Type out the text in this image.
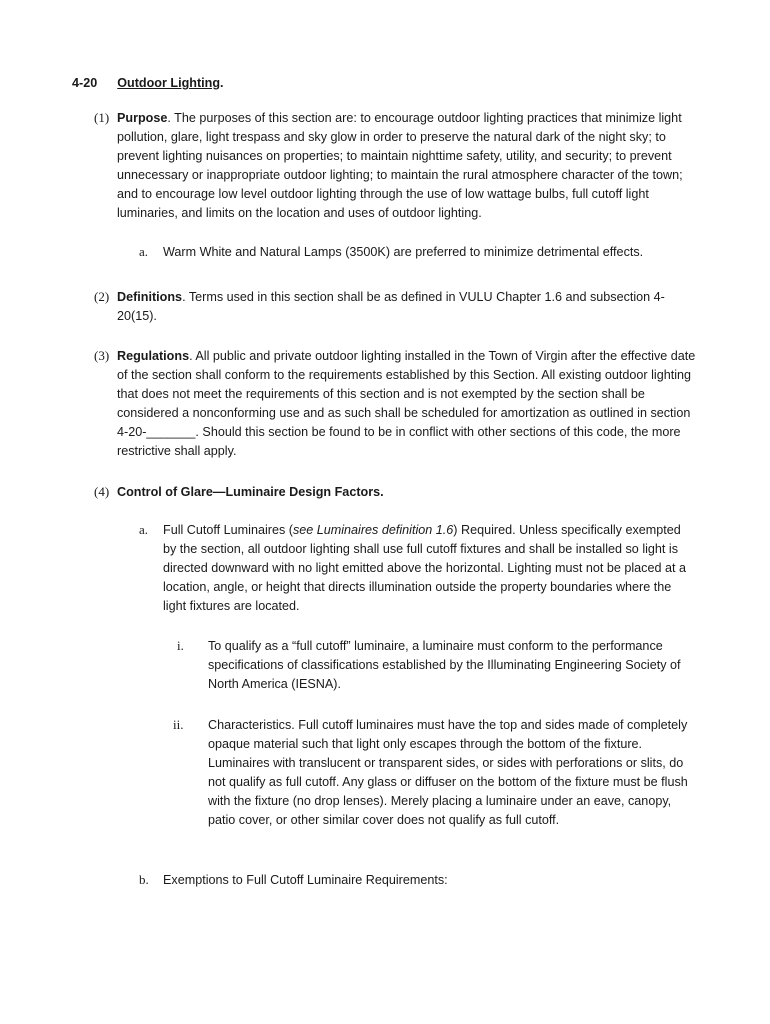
4-20 Outdoor Lighting.
(1) Purpose. The purposes of this section are: to encourage outdoor lighting practices that minimize light pollution, glare, light trespass and sky glow in order to preserve the natural dark of the night sky; to prevent lighting nuisances on properties; to maintain nighttime safety, utility, and security; to prevent unnecessary or inappropriate outdoor lighting; to maintain the rural atmosphere character of the town; and to encourage low level outdoor lighting through the use of low wattage bulbs, full cutoff light luminaries, and limits on the location and uses of outdoor lighting.
a. Warm White and Natural Lamps (3500K) are preferred to minimize detrimental effects.
(2) Definitions. Terms used in this section shall be as defined in VULU Chapter 1.6 and subsection 4-20(15).
(3) Regulations. All public and private outdoor lighting installed in the Town of Virgin after the effective date of the section shall conform to the requirements established by this Section. All existing outdoor lighting that does not meet the requirements of this section and is not exempted by the section shall be considered a nonconforming use and as such shall be scheduled for amortization as outlined in section 4-20-_______. Should this section be found to be in conflict with other sections of this code, the more restrictive shall apply.
(4) Control of Glare—Luminaire Design Factors.
a. Full Cutoff Luminaires (see Luminaires definition 1.6) Required. Unless specifically exempted by the section, all outdoor lighting shall use full cutoff fixtures and shall be installed so light is directed downward with no light emitted above the horizontal. Lighting must not be placed at a location, angle, or height that directs illumination outside the property boundaries where the light fixtures are located.
i. To qualify as a “full cutoff” luminaire, a luminaire must conform to the performance specifications of classifications established by the Illuminating Engineering Society of North America (IESNA).
ii. Characteristics. Full cutoff luminaires must have the top and sides made of completely opaque material such that light only escapes through the bottom of the fixture. Luminaires with translucent or transparent sides, or sides with perforations or slits, do not qualify as full cutoff. Any glass or diffuser on the bottom of the fixture must be flush with the fixture (no drop lenses). Merely placing a luminaire under an eave, canopy, patio cover, or other similar cover does not qualify as full cutoff.
b. Exemptions to Full Cutoff Luminaire Requirements:
